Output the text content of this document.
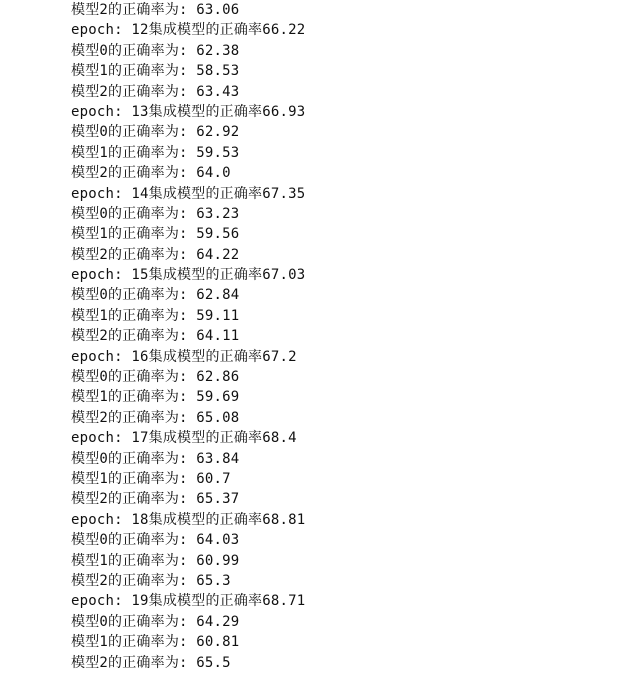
模型2的正确率为: 63.06
epoch: 12集成模型的正确率66.22
模型0的正确率为: 62.38
模型1的正确率为: 58.53
模型2的正确率为: 63.43
epoch: 13集成模型的正确率66.93
模型0的正确率为: 62.92
模型1的正确率为: 59.53
模型2的正确率为: 64.0
epoch: 14集成模型的正确率67.35
模型0的正确率为: 63.23
模型1的正确率为: 59.56
模型2的正确率为: 64.22
epoch: 15集成模型的正确率67.03
模型0的正确率为: 62.84
模型1的正确率为: 59.11
模型2的正确率为: 64.11
epoch: 16集成模型的正确率67.2
模型0的正确率为: 62.86
模型1的正确率为: 59.69
模型2的正确率为: 65.08
epoch: 17集成模型的正确率68.4
模型0的正确率为: 63.84
模型1的正确率为: 60.7
模型2的正确率为: 65.37
epoch: 18集成模型的正确率68.81
模型0的正确率为: 64.03
模型1的正确率为: 60.99
模型2的正确率为: 65.3
epoch: 19集成模型的正确率68.71
模型0的正确率为: 64.29
模型1的正确率为: 60.81
模型2的正确率为: 65.5
